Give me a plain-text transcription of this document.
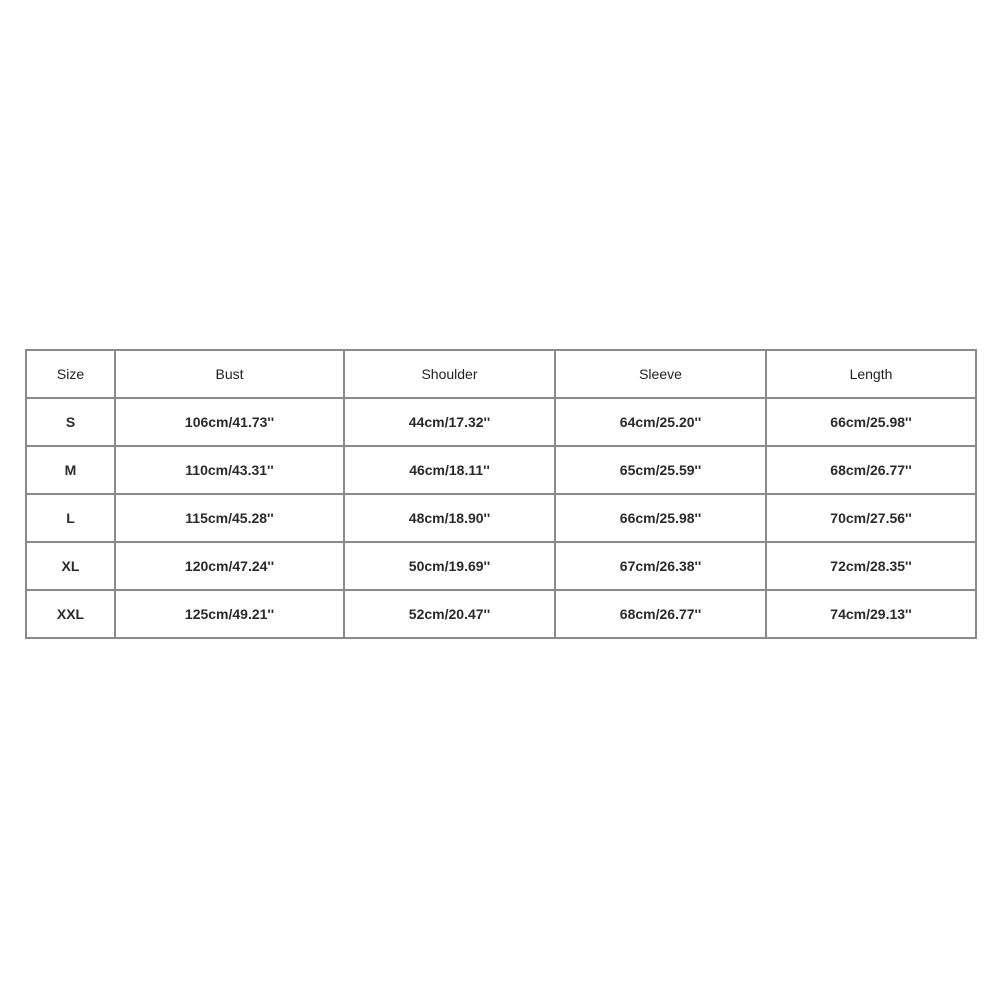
Size	Bust	Shoulder	Sleeve	Length
S	106cm/41.73''	44cm/17.32''	64cm/25.20''	66cm/25.98''
M	110cm/43.31''	46cm/18.11''	65cm/25.59''	68cm/26.77''
L	115cm/45.28''	48cm/18.90''	66cm/25.98''	70cm/27.56''
XL	120cm/47.24''	50cm/19.69''	67cm/26.38''	72cm/28.35''
XXL	125cm/49.21''	52cm/20.47''	68cm/26.77''	74cm/29.13''
